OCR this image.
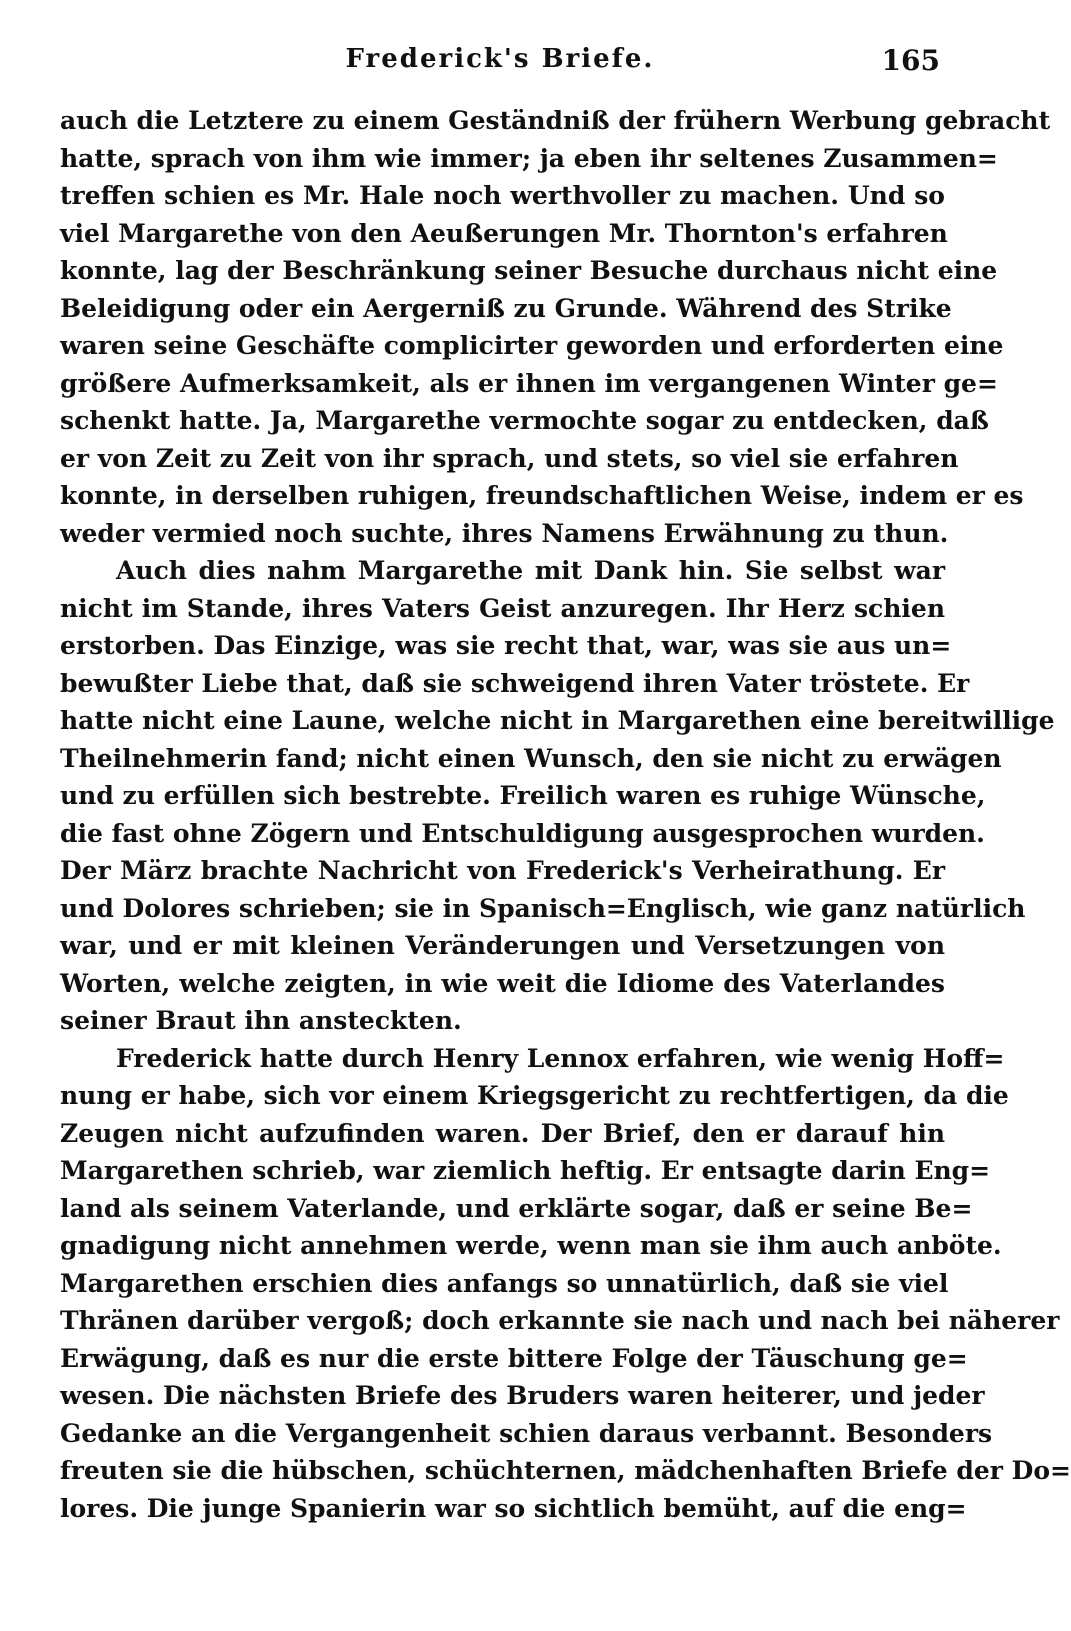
Frederick's Briefe.	165
auch die Letztere zu einem Geständniß der frühern Werbung gebracht
hatte, sprach von ihm wie immer; ja eben ihr seltenes Zusammen=
treffen schien es Mr. Hale noch werthvoller zu machen. Und so
viel Margarethe von den Aeußerungen Mr. Thornton's erfahren
konnte, lag der Beschränkung seiner Besuche durchaus nicht eine
Beleidigung oder ein Aergerniß zu Grunde. Während des Strike
waren seine Geschäfte complicirter geworden und erforderten eine
größere Aufmerksamkeit, als er ihnen im vergangenen Winter ge=
schenkt hatte. Ja, Margarethe vermochte sogar zu entdecken, daß
er von Zeit zu Zeit von ihr sprach, und stets, so viel sie erfahren
konnte, in derselben ruhigen, freundschaftlichen Weise, indem er es
weder vermied noch suchte, ihres Namens Erwähnung zu thun.
Auch dies nahm Margarethe mit Dank hin. Sie selbst war
nicht im Stande, ihres Vaters Geist anzuregen. Ihr Herz schien
erstorben. Das Einzige, was sie recht that, war, was sie aus un=
bewußter Liebe that, daß sie schweigend ihren Vater tröstete. Er
hatte nicht eine Laune, welche nicht in Margarethen eine bereitwillige
Theilnehmerin fand; nicht einen Wunsch, den sie nicht zu erwägen
und zu erfüllen sich bestrebte. Freilich waren es ruhige Wünsche,
die fast ohne Zögern und Entschuldigung ausgesprochen wurden.
Der März brachte Nachricht von Frederick's Verheirathung. Er
und Dolores schrieben; sie in Spanisch=Englisch, wie ganz natürlich
war, und er mit kleinen Veränderungen und Versetzungen von
Worten, welche zeigten, in wie weit die Idiome des Vaterlandes
seiner Braut ihn ansteckten.
Frederick hatte durch Henry Lennox erfahren, wie wenig Hoff=
nung er habe, sich vor einem Kriegsgericht zu rechtfertigen, da die
Zeugen nicht aufzufinden waren. Der Brief, den er darauf hin
Margarethen schrieb, war ziemlich heftig. Er entsagte darin Eng=
land als seinem Vaterlande, und erklärte sogar, daß er seine Be=
gnadigung nicht annehmen werde, wenn man sie ihm auch anböte.
Margarethen erschien dies anfangs so unnatürlich, daß sie viel
Thränen darüber vergoß; doch erkannte sie nach und nach bei näherer
Erwägung, daß es nur die erste bittere Folge der Täuschung ge=
wesen. Die nächsten Briefe des Bruders waren heiterer, und jeder
Gedanke an die Vergangenheit schien daraus verbannt. Besonders
freuten sie die hübschen, schüchternen, mädchenhaften Briefe der Do=
lores. Die junge Spanierin war so sichtlich bemüht, auf die eng=
